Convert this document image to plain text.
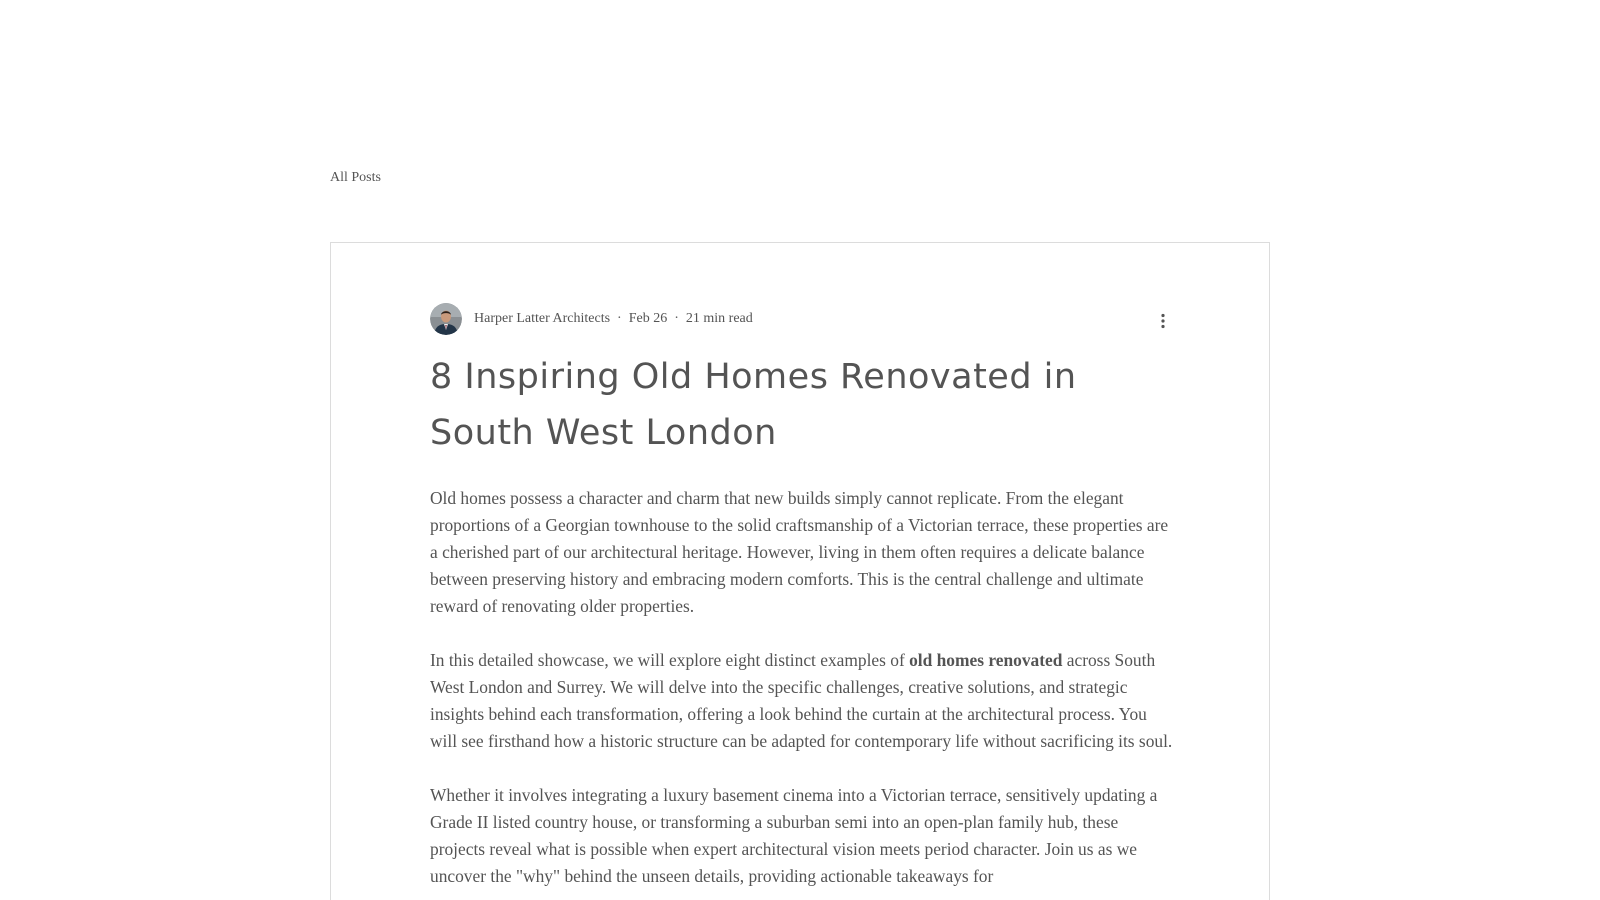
All Posts
Harper Latter Architects · Feb 26 · 21 min read
8 Inspiring Old Homes Renovated in South West London

Old homes possess a character and charm that new builds simply cannot replicate. From the elegant proportions of a Georgian townhouse to the solid craftsmanship of a Victorian terrace, these properties are a cherished part of our architectural heritage. However, living in them often requires a delicate balance between preserving history and embracing modern comforts. This is the central challenge and ultimate reward of renovating older properties.

In this detailed showcase, we will explore eight distinct examples of old homes renovated across South West London and Surrey. We will delve into the specific challenges, creative solutions, and strategic insights behind each transformation, offering a look behind the curtain at the architectural process. You will see firsthand how a historic structure can be adapted for contemporary life without sacrificing its soul.

Whether it involves integrating a luxury basement cinema into a Victorian terrace, sensitively updating a Grade II listed country house, or transforming a suburban semi into an open-plan family hub, these projects reveal what is possible when expert architectural vision meets period character. Join us as we uncover the "why" behind the unseen details, providing actionable takeaways for
